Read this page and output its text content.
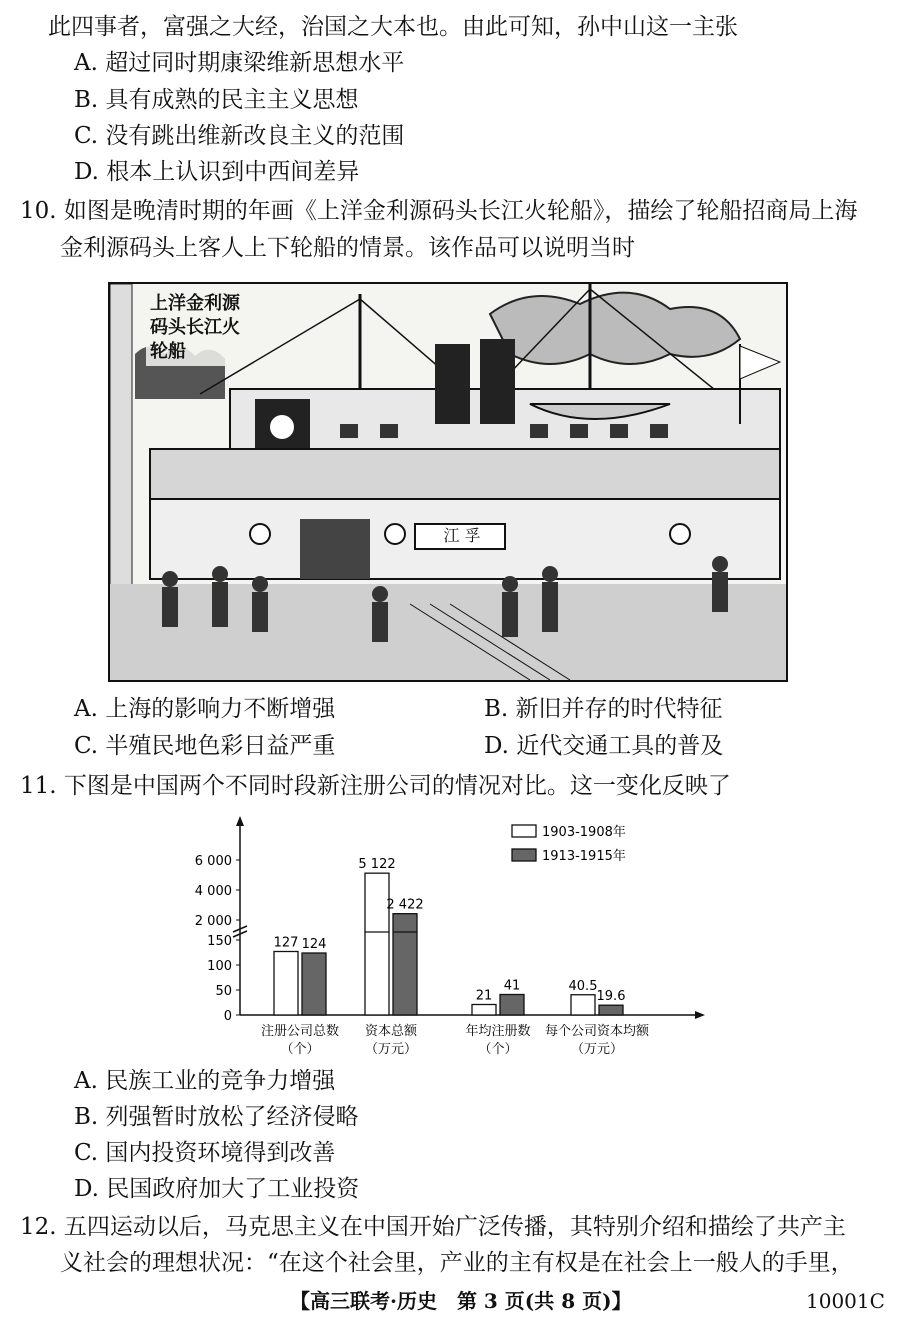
此四事者，富强之大经，治国之大本也。由此可知，孙中山这一主张
A. 超过同时期康梁维新思想水平
B. 具有成熟的民主主义思想
C. 没有跳出维新改良主义的范围
D. 根本上认识到中西间差异
10. 如图是晚清时期的年画《上洋金利源码头长江火轮船》，描绘了轮船招商局上海
金利源码头上客人上下轮船的情景。该作品可以说明当时
上洋金利源
码头长江火
轮船
江 孚
A. 上海的影响力不断增强	B. 新旧并存的时代特征
C. 半殖民地色彩日益严重	D. 近代交通工具的普及
11. 下图是中国两个不同时段新注册公司的情况对比。这一变化反映了
0
50
100
150
2 000
4 000
6 000
127 124
注册公司总数
（个）
5 122
2 422
资本总额
（万元）
21
41
年均注册数
（个）
40.5
19.6
每个公司资本均额
（万元）
1903-1908年
1913-1915年
A. 民族工业的竞争力增强
B. 列强暂时放松了经济侵略
C. 国内投资环境得到改善
D. 民国政府加大了工业投资
12. 五四运动以后，马克思主义在中国开始广泛传播，其特别介绍和描绘了共产主
义社会的理想状况：“在这个社会里，产业的主有权是在社会上一般人的手里，
【高三联考·历史　第 3 页(共 8 页)】	10001C
